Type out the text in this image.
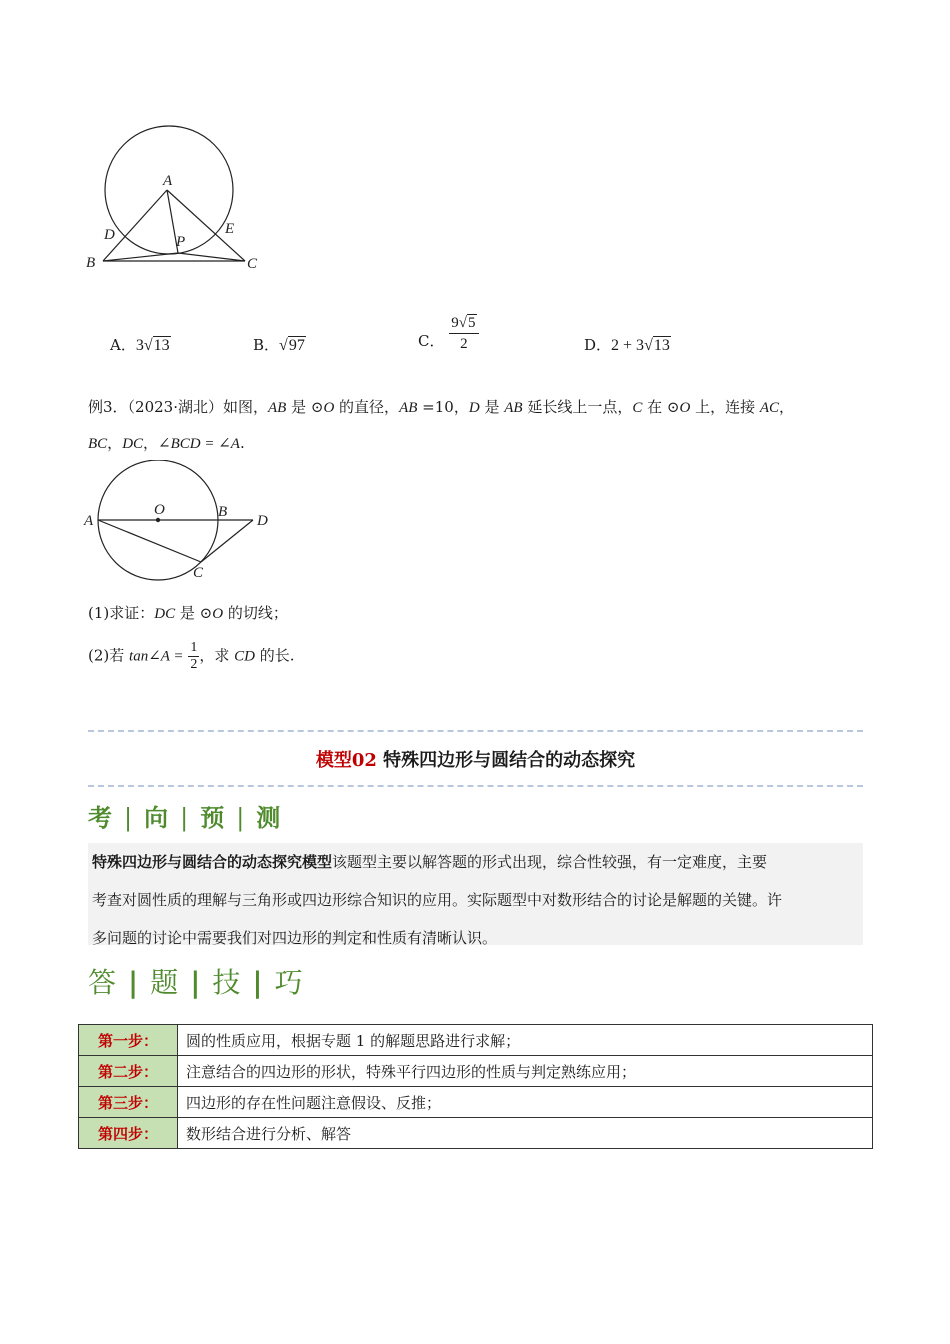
A
D	E
P
B	C
A．3√13	B．√97	C． $\frac{9√5}{2}$	D．2 + 3√13
例3．（2023·湖北）如图，AB 是 ⊙O 的直径，AB =10，D 是 AB 延长线上一点，C 在 ⊙O 上，连接 AC，
BC，DC，∠BCD = ∠A.
A
O	B
D
C
(1)求证：DC 是 ⊙O 的切线；
(2)若 tan∠A = $\frac{1}{2}$ ，求 CD 的长.
模型02 特殊四边形与圆结合的动态探究
考 | 向 | 预 | 测

特殊四边形与圆结合的动态探究模型该题型主要以解答题的形式出现，综合性较强，有一定难度，主要

考查对圆性质的理解与三角形或四边形综合知识的应用。实际题型中对数形结合的讨论是解题的关键。许

多问题的讨论中需要我们对四边形的判定和性质有清晰认识。

答 | 题 | 技 | 巧
第一步：	圆的性质应用，根据专题 1 的解题思路进行求解；
第二步：	注意结合的四边形的形状，特殊平行四边形的性质与判定熟练应用；
第三步：	四边形的存在性问题注意假设、反推；
第四步：	数形结合进行分析、解答
